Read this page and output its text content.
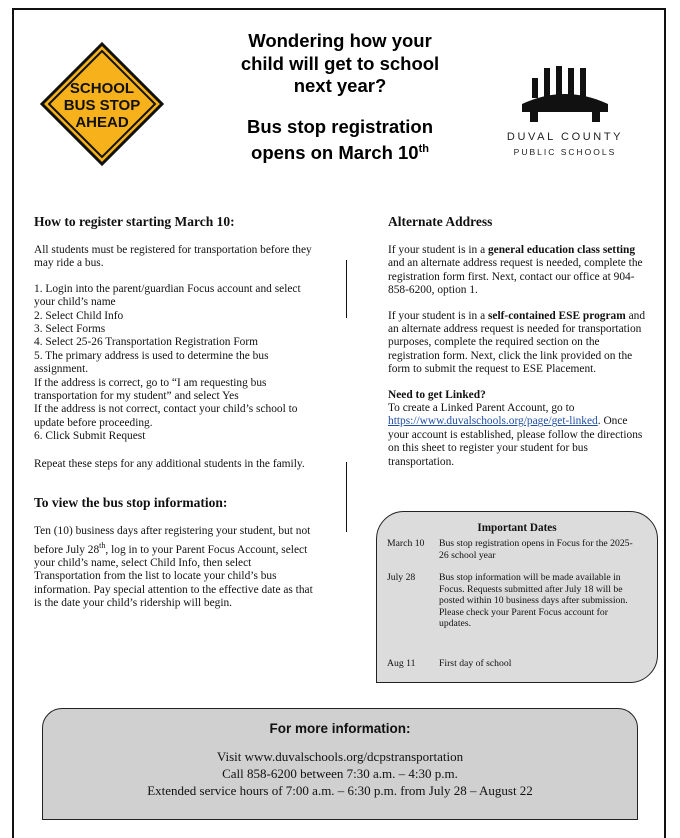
SCHOOL
BUS STOP
AHEAD
Wondering how your
child will get to school
next year?
Bus stop registration
opens on March 10th
DUVAL COUNTY
PUBLIC SCHOOLS
How to register starting March 10:

All students must be registered for transportation before they may ride a bus.

1. Login into the parent/guardian Focus account and select your child’s name
2. Select Child Info
3. Select Forms
4. Select 25-26 Transportation Registration Form
5. The primary address is used to determine the bus assignment.
If the address is correct, go to “I am requesting bus transportation for my student” and select Yes
If the address is not correct, contact your child’s school to update before proceeding.
6. Click Submit Request

Repeat these steps for any additional students in the family.

To view the bus stop information:

Ten (10) business days after registering your student, but not before July 28th, log in to your Parent Focus Account, select your child’s name, select Child Info, then select Transportation from the list to locate your child’s bus information. Pay special attention to the effective date as that is the date your child’s ridership will begin.

Alternate Address

If your student is in a general education class setting and an alternate address request is needed, complete the registration form first. Next, contact our office at 904-858-6200, option 1.

If your student is in a self-contained ESE program and an alternate address request is needed for transportation purposes, complete the required section on the registration form. Next, click the link provided on the form to submit the request to ESE Placement.

Need to get Linked?

To create a Linked Parent Account, go to https://www.duvalschools.org/page/get-linked. Once your account is established, please follow the directions on this sheet to register your student for bus transportation.

Important Dates
March 10	Bus stop registration opens in Focus for the 2025-26 school year
July 28	Bus stop information will be made available in Focus. Requests submitted after July 18 will be posted within 10 business days after submission. Please check your Parent Focus account for updates.
Aug 11	First day of school
For more information:
Visit www.duvalschools.org/dcpstransportation
Call 858-6200 between 7:30 a.m. – 4:30 p.m.
Extended service hours of 7:00 a.m. – 6:30 p.m. from July 28 – August 22
